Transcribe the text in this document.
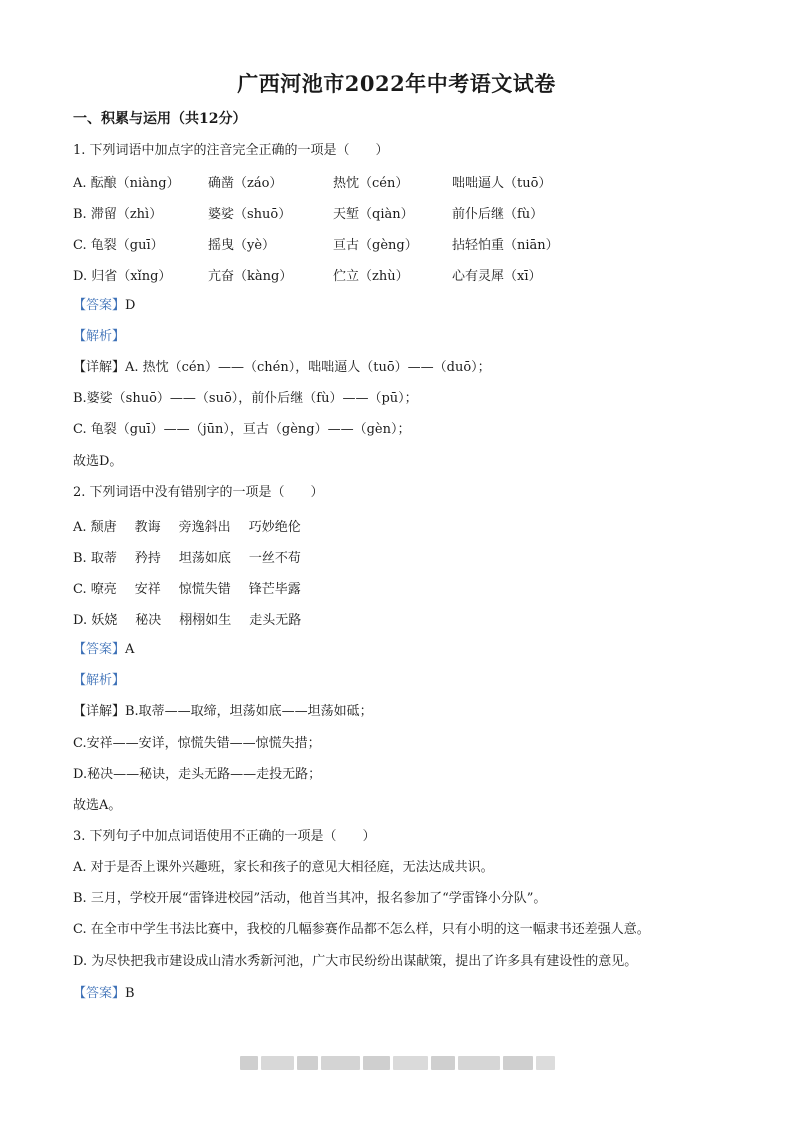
广西河池市2022年中考语文试卷
一、积累与运用（共12分）
1. 下列词语中加点字的注音完全正确的一项是（　　）
A. 酝酿（niàng） 确凿（záo）	热忱（cén）	咄咄逼人（tuō）
B. 滞留（zhì）	婆娑（shuō）	天堑（qiàn）	前仆后继（fù）
C. 龟裂（guī）	摇曳（yè）	亘古（gèng）	拈轻怕重（niān）
D. 归省（xǐng）	亢奋（kàng）	伫立（zhù）	心有灵犀（xī）
【答案】D
【解析】
【详解】A. 热忱（cén）——（chén），咄咄逼人（tuō）——（duō）；
B.婆娑（shuō）——（suō），前仆后继（fù）——（pū）；
C. 龟裂（guī）——（jūn），亘古（gèng）——（gèn）；
故选D。
2. 下列词语中没有错别字的一项是（　　）
A. 颓唐 教诲 旁逸斜出 巧妙绝伦
B. 取蒂 矜持 坦荡如底 一丝不苟
C. 嘹亮 安祥 惊慌失错 锋芒毕露
D. 妖娆 秘决 栩栩如生 走头无路
【答案】A
【解析】
【详解】B.取蒂——取缔，坦荡如底——坦荡如砥；
C.安祥——安详，惊慌失错——惊慌失措；
D.秘决——秘诀，走头无路——走投无路；
故选A。
3. 下列句子中加点词语使用不正确的一项是（　　）
A. 对于是否上课外兴趣班，家长和孩子的意见大相径庭，无法达成共识。
B. 三月，学校开展“雷锋进校园”活动，他首当其冲，报名参加了“学雷锋小分队”。
C. 在全市中学生书法比赛中，我校的几幅参赛作品都不怎么样，只有小明的这一幅隶书还差强人意。
D. 为尽快把我市建设成山清水秀新河池，广大市民纷纷出谋献策，提出了许多具有建设性的意见。
【答案】B
